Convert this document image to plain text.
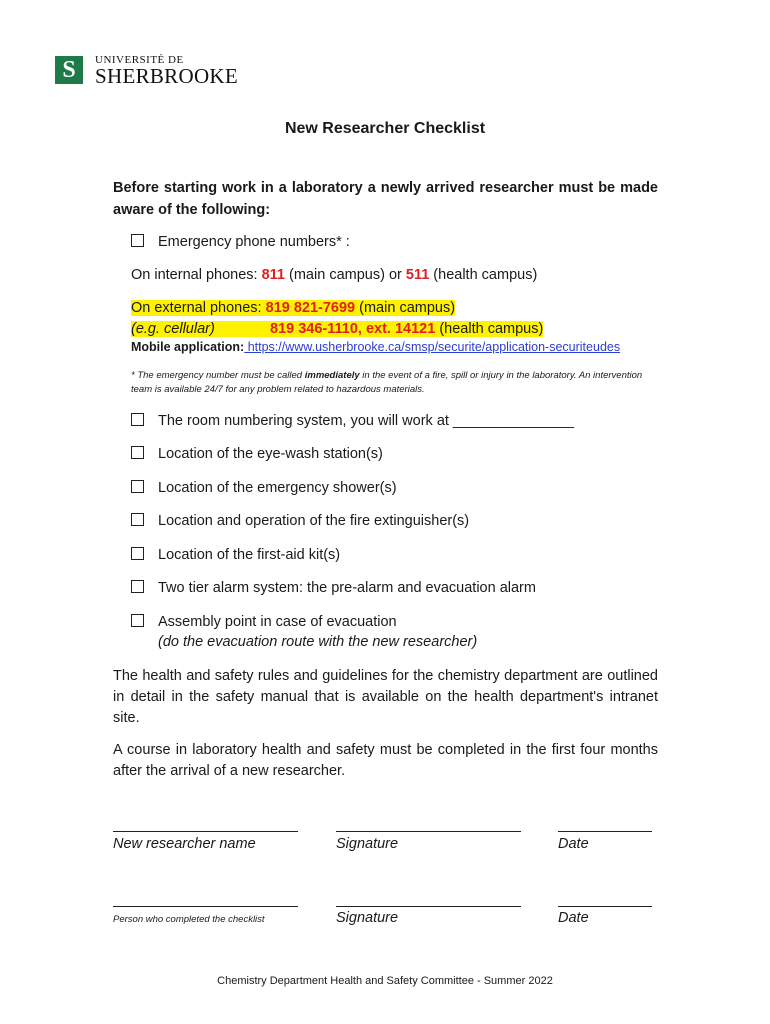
S	UNIVERSITÉ DE
SHERBROOKE
New Researcher Checklist
Before starting work in a laboratory a newly arrived researcher must be made aware of the following:
Emergency phone numbers* :
On internal phones: 811 (main campus) or 511 (health campus)
On external phones: 819 821-7699 (main campus)
(e.g. cellular)	819 346-1110, ext. 14121 (health campus)
Mobile application: https://www.usherbrooke.ca/smsp/securite/application-securiteudes
* The emergency number must be called immediately in the event of a fire, spill or injury in the laboratory. An intervention team is available 24/7 for any problem related to hazardous materials.
The room numbering system, you will work at _______________
Location of the eye-wash station(s)
Location of the emergency shower(s)
Location and operation of the fire extinguisher(s)
Location of the first-aid kit(s)
Two tier alarm system: the pre-alarm and evacuation alarm
Assembly point in case of evacuation
(do the evacuation route with the new researcher)
The health and safety rules and guidelines for the chemistry department are outlined in detail in the safety manual that is available on the health department's intranet site.
A course in laboratory health and safety must be completed in the first four months after the arrival of a new researcher.
New researcher name	Signature	Date
Person who completed the checklist	Signature	Date
Chemistry Department Health and Safety Committee - Summer 2022
